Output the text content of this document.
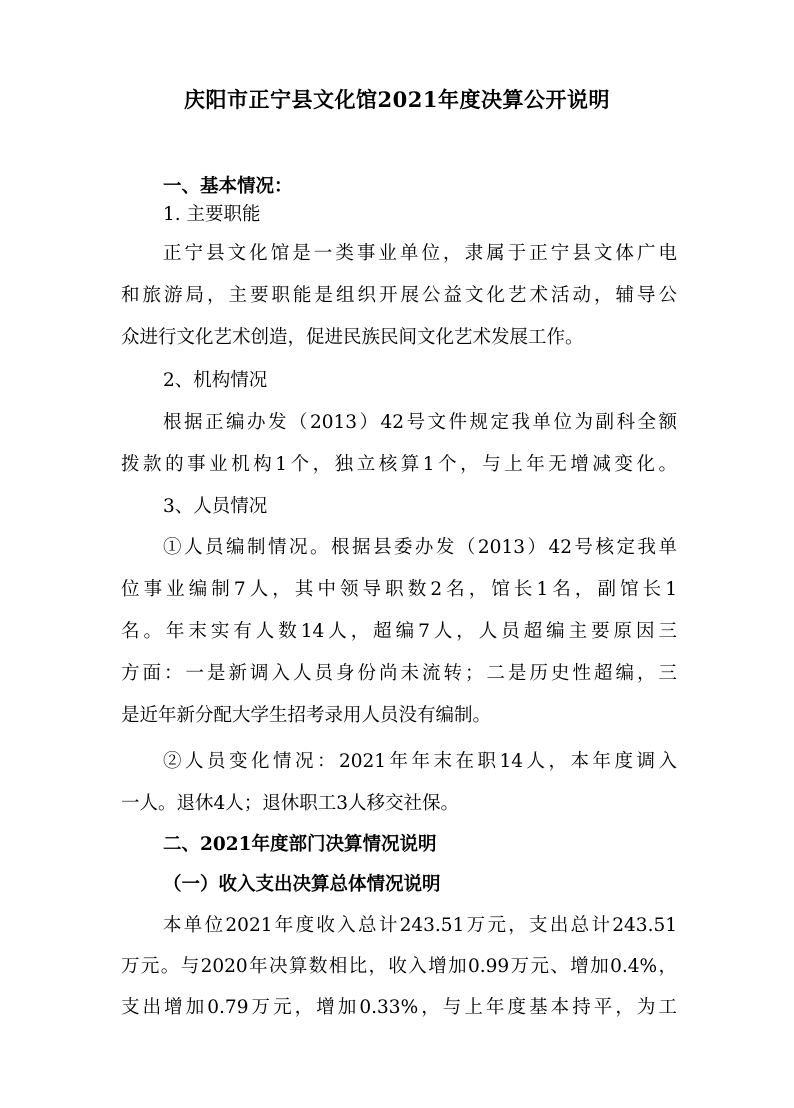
庆阳市正宁县文化馆2021年度决算公开说明
一、基本情况：
1. 主要职能
正宁县文化馆是一类事业单位，隶属于正宁县文体广电
和旅游局，主要职能是组织开展公益文化艺术活动，辅导公
众进行文化艺术创造，促进民族民间文化艺术发展工作。
2、机构情况
根据正编办发（2013）42号文件规定我单位为副科全额
拨款的事业机构1个，独立核算1个，与上年无增减变化。
3、人员情况
①人员编制情况。根据县委办发（2013）42号核定我单
位事业编制7人，其中领导职数2名，馆长1名，副馆长1
名。年末实有人数14人，超编7人，人员超编主要原因三
方面：一是新调入人员身份尚未流转；二是历史性超编，三
是近年新分配大学生招考录用人员没有编制。
②人员变化情况：2021年年末在职14人，本年度调入
一人。退休4人；退休职工3人移交社保。
二、2021年度部门决算情况说明
（一）收入支出决算总体情况说明
本单位2021年度收入总计243.51万元，支出总计243.51
万元。与2020年决算数相比，收入增加0.99万元、增加0.4%，
支出增加0.79万元，增加0.33%，与上年度基本持平，为工
